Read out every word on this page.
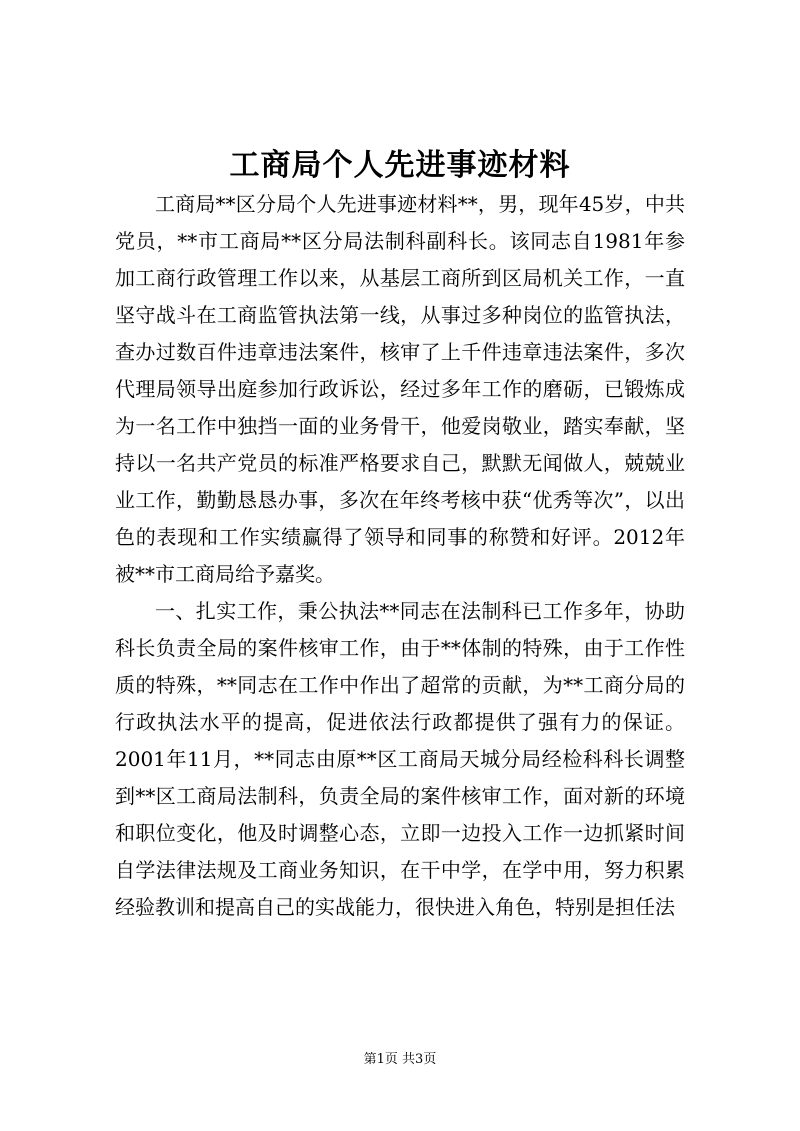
工商局个人先进事迹材料

工商局**区分局个人先进事迹材料**，男，现年45岁，中共党员，**市工商局**区分局法制科副科长。该同志自1981年参加工商行政管理工作以来，从基层工商所到区局机关工作，一直坚守战斗在工商监管执法第一线，从事过多种岗位的监管执法，查办过数百件违章违法案件，核审了上千件违章违法案件，多次代理局领导出庭参加行政诉讼，经过多年工作的磨砺，已锻炼成为一名工作中独挡一面的业务骨干，他爱岗敬业，踏实奉献，坚持以一名共产党员的标准严格要求自己，默默无闻做人，兢兢业业工作，勤勤恳恳办事，多次在年终考核中获“优秀等次”，以出色的表现和工作实绩赢得了领导和同事的称赞和好评。2012年被**市工商局给予嘉奖。

一、扎实工作，秉公执法**同志在法制科已工作多年，协助科长负责全局的案件核审工作，由于**体制的特殊，由于工作性质的特殊，**同志在工作中作出了超常的贡献，为**工商分局的行政执法水平的提高，促进依法行政都提供了强有力的保证。2001年11月，**同志由原**区工商局天城分局经检科科长调整到**区工商局法制科，负责全局的案件核审工作，面对新的环境和职位变化，他及时调整心态，立即一边投入工作一边抓紧时间自学法律法规及工商业务知识，在干中学，在学中用，努力积累经验教训和提高自己的实战能力，很快进入角色，特别是担任法

第1页 共3页
